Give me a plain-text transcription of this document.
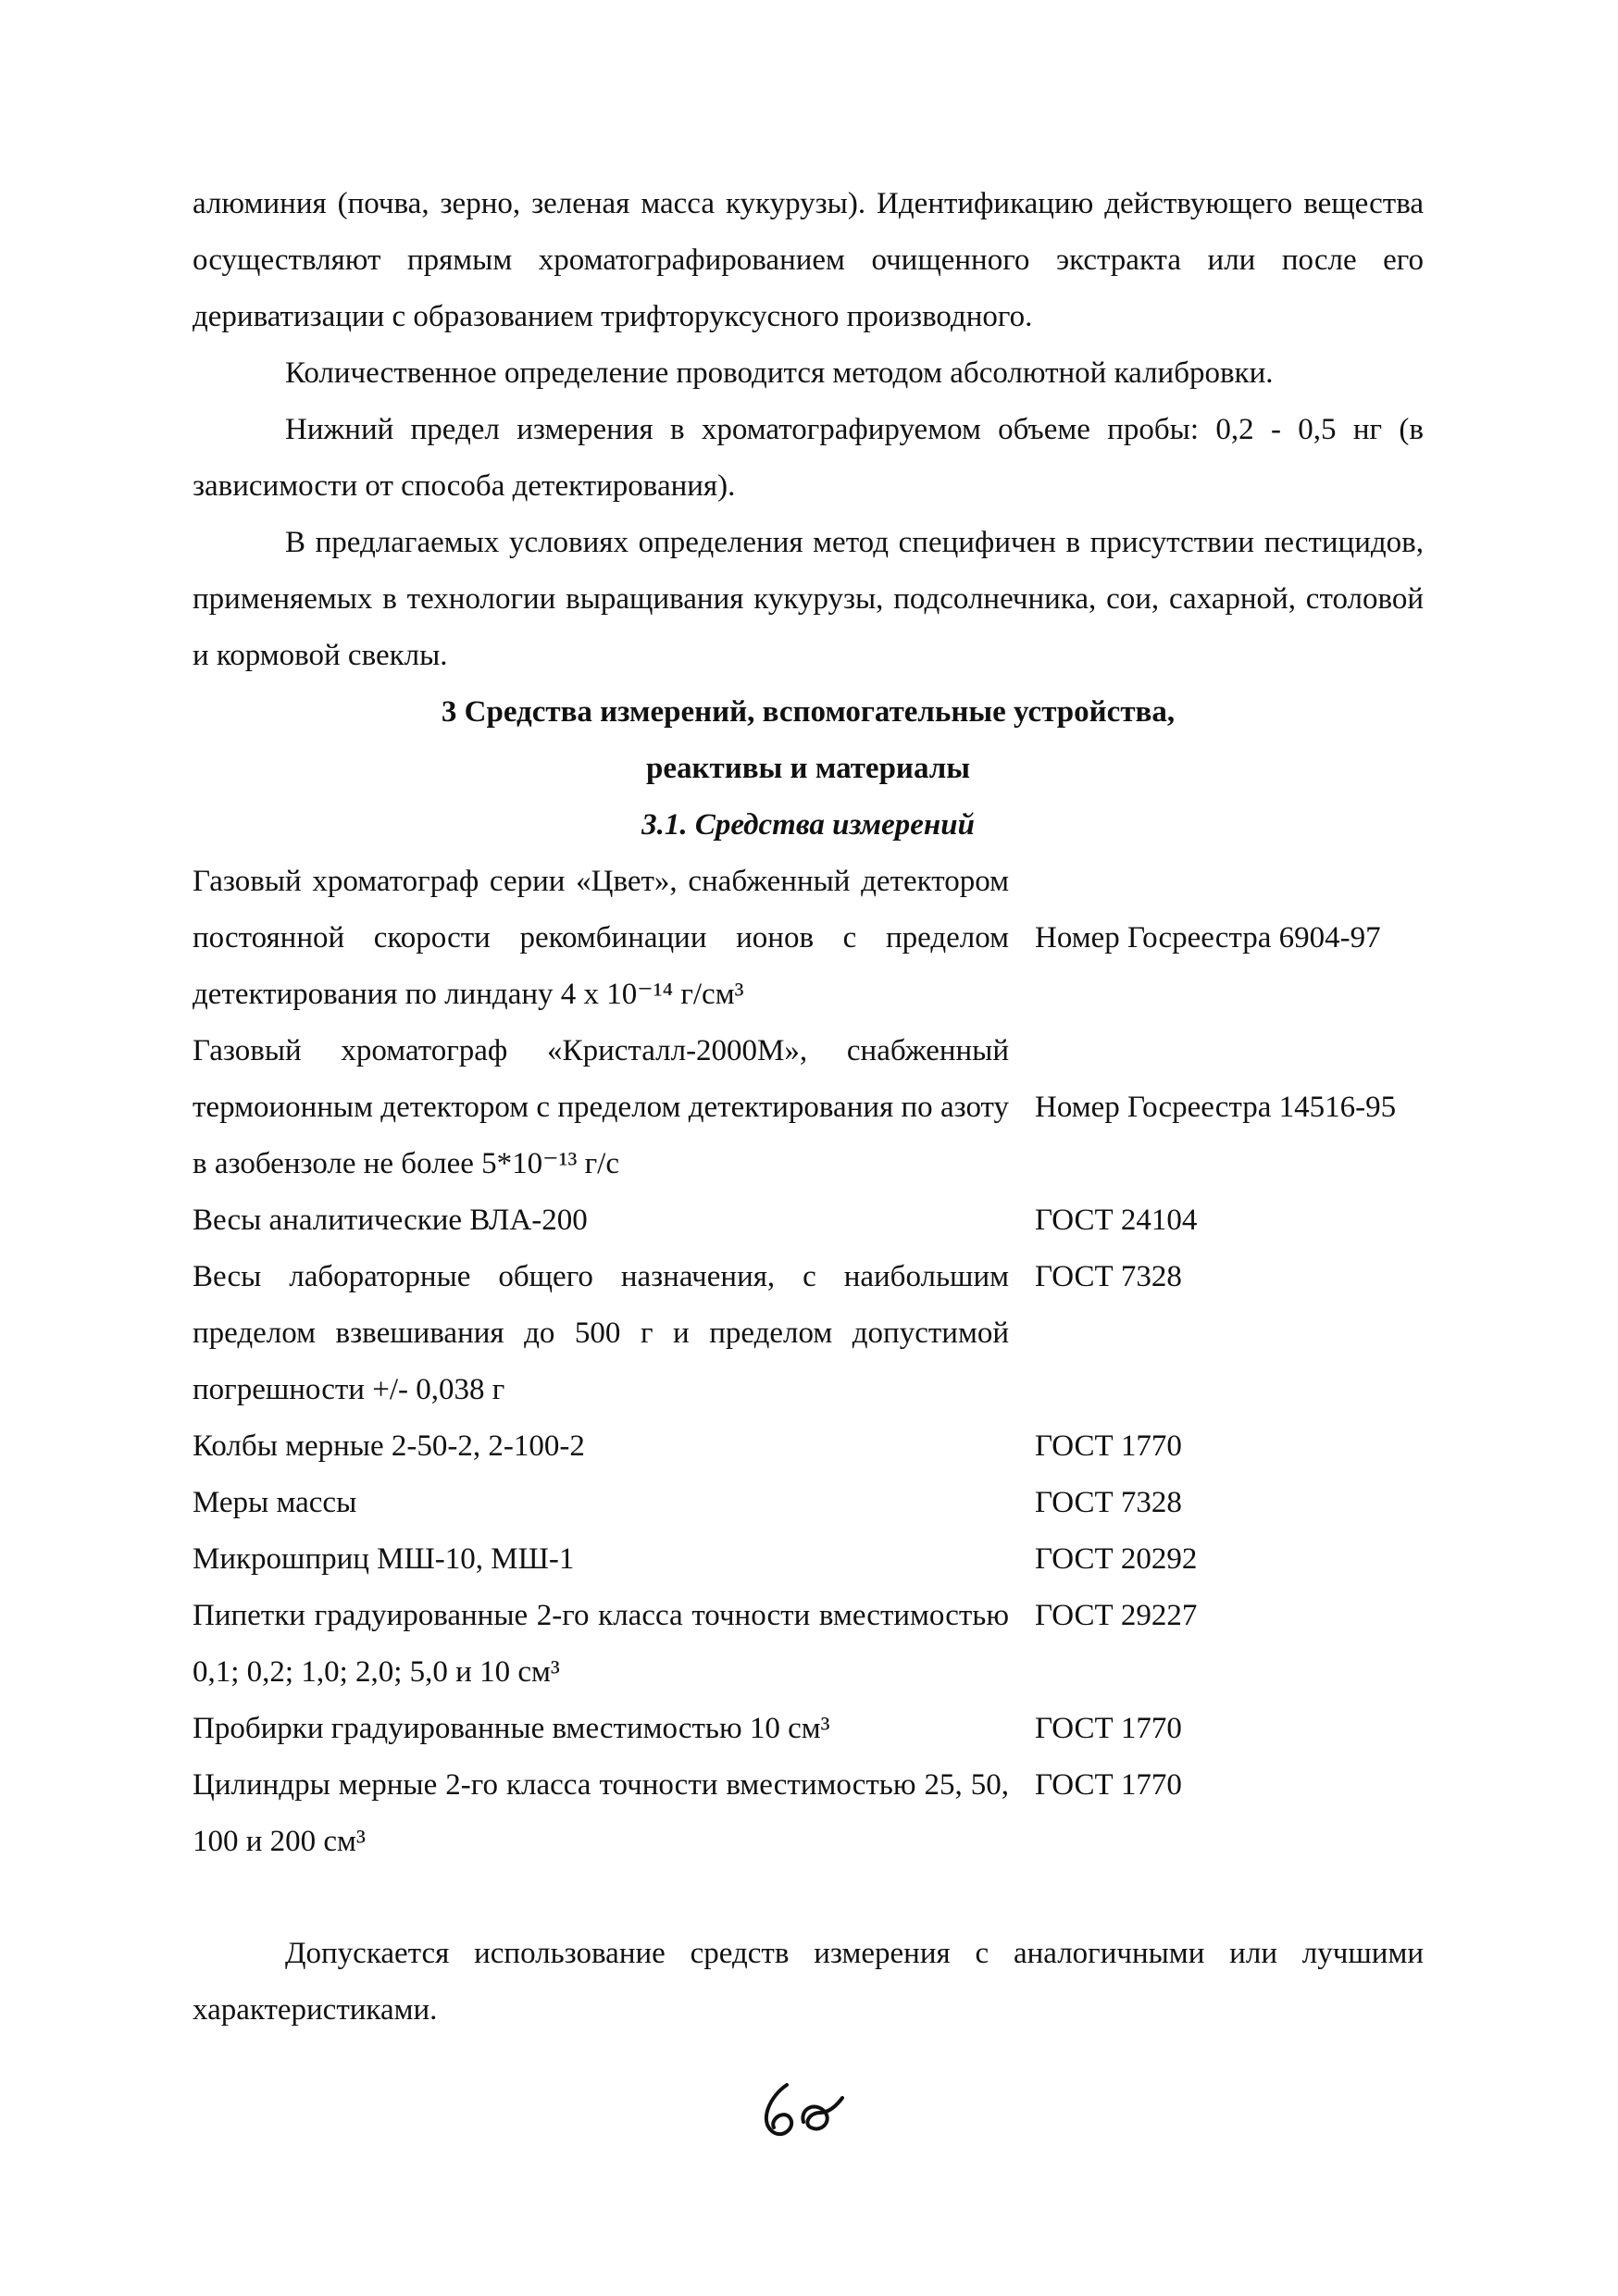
алюминия (почва, зерно, зеленая масса кукурузы). Идентификацию действующего вещества осуществляют прямым хроматографированием очищенного экстракта или после его дериватизации с образованием трифторуксусного производного.

Количественное определение проводится методом абсолютной калибровки.

Нижний предел измерения в хроматографируемом объеме пробы: 0,2 - 0,5 нг (в зависимости от способа детектирования).

В предлагаемых условиях определения метод специфичен в присутствии пестицидов, применяемых в технологии выращивания кукурузы, подсолнечника, сои, сахарной, столовой и кормовой свеклы.

3 Средства измерений, вспомогательные устройства,

реактивы и материалы

3.1. Средства измерений

Газовый хроматограф серии «Цвет», снабженный детектором постоянной скорости рекомбинации ионов с пределом детектирования по линдану 4 x 10⁻¹⁴ г/см³	Номер Госреестра 6904-97
Газовый хроматограф «Кристалл-2000М», снабженный термоионным детектором с пределом детектирования по азоту в азобензоле не более 5*10⁻¹³ г/с	Номер Госреестра 14516-95
Весы аналитические ВЛА-200	ГОСТ 24104
Весы лабораторные общего назначения, с наибольшим пределом взвешивания до 500 г и пределом допустимой погрешности +/- 0,038 г	ГОСТ 7328
Колбы мерные 2-50-2, 2-100-2	ГОСТ 1770
Меры массы	ГОСТ 7328
Микрошприц МШ-10, МШ-1	ГОСТ 20292
Пипетки градуированные 2-го класса точности вместимостью 0,1; 0,2; 1,0; 2,0; 5,0 и 10 см³	ГОСТ 29227
Пробирки градуированные вместимостью 10 см³	ГОСТ 1770
Цилиндры мерные 2-го класса точности вместимостью 25, 50, 100 и 200 см³	ГОСТ 1770

Допускается использование средств измерения с аналогичными или лучшими характеристиками.
